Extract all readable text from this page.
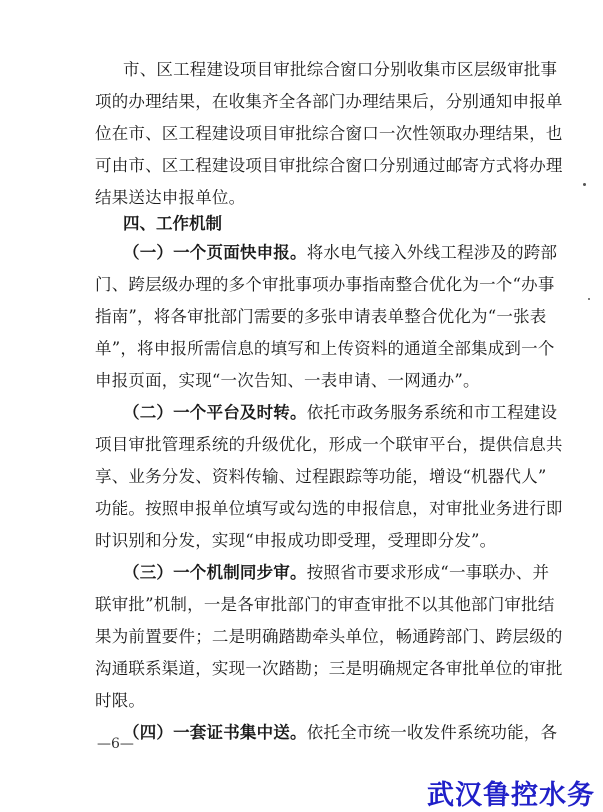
市、区工程建设项目审批综合窗口分别收集市区层级审批事
项的办理结果，在收集齐全各部门办理结果后，分别通知申报单
位在市、区工程建设项目审批综合窗口一次性领取办理结果，也
可由市、区工程建设项目审批综合窗口分别通过邮寄方式将办理
结果送达申报单位。
四、工作机制
（一）一个页面快申报。将水电气接入外线工程涉及的跨部
门、跨层级办理的多个审批事项办事指南整合优化为一个“办事
指南”，将各审批部门需要的多张申请表单整合优化为“一张表
单”，将申报所需信息的填写和上传资料的通道全部集成到一个
申报页面，实现“一次告知、一表申请、一网通办”。
（二）一个平台及时转。依托市政务服务系统和市工程建设
项目审批管理系统的升级优化，形成一个联审平台，提供信息共
享、业务分发、资料传输、过程跟踪等功能，增设“机器代人”
功能。按照申报单位填写或勾选的申报信息，对审批业务进行即
时识别和分发，实现“申报成功即受理，受理即分发”。
（三）一个机制同步审。按照省市要求形成“一事联办、并
联审批”机制，一是各审批部门的审查审批不以其他部门审批结
果为前置要件；二是明确踏勘牵头单位，畅通跨部门、跨层级的
沟通联系渠道，实现一次踏勘；三是明确规定各审批单位的审批
时限。
（四）一套证书集中送。依托全市统一收发件系统功能，各
—6—
武汉鲁控水务
